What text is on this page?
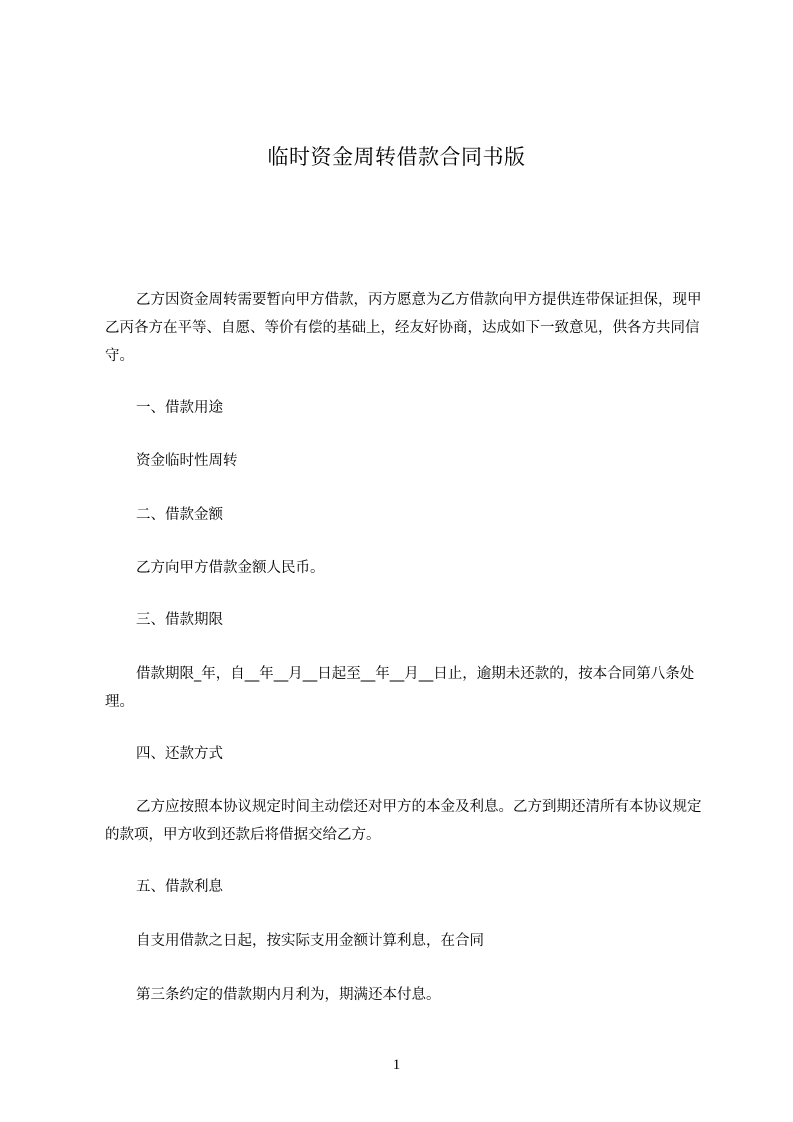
临时资金周转借款合同书版

乙方因资金周转需要暂向甲方借款，丙方愿意为乙方借款向甲方提供连带保证担保，现甲乙丙各方在平等、自愿、等价有偿的基础上，经友好协商，达成如下一致意见，供各方共同信守。

一、借款用途
资金临时性周转
二、借款金额
乙方向甲方借款金额人民币。
三、借款期限

借款期限_年，自__年__月__日起至__年__月__日止，逾期未还款的，按本合同第八条处理。

四、还款方式

乙方应按照本协议规定时间主动偿还对甲方的本金及利息。乙方到期还清所有本协议规定的款项，甲方收到还款后将借据交给乙方。

五、借款利息
自支用借款之日起，按实际支用金额计算利息，在合同
第三条约定的借款期内月利为，期满还本付息。
1
